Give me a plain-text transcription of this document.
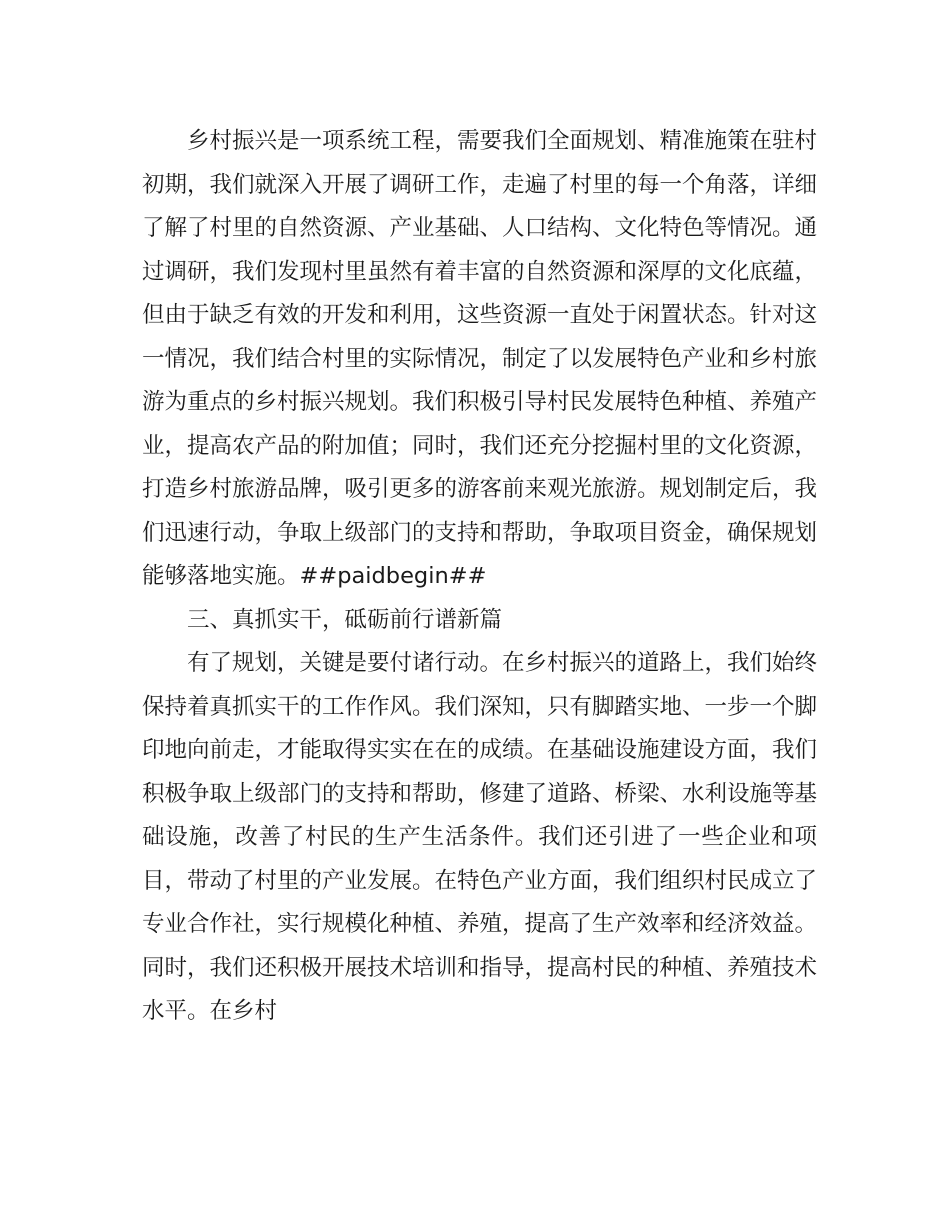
乡村振兴是一项系统工程，需要我们全面规划、精准施策在驻村初期，我们就深入开展了调研工作，走遍了村里的每一个角落，详细了解了村里的自然资源、产业基础、人口结构、文化特色等情况。通过调研，我们发现村里虽然有着丰富的自然资源和深厚的文化底蕴，但由于缺乏有效的开发和利用，这些资源一直处于闲置状态。针对这一情况，我们结合村里的实际情况，制定了以发展特色产业和乡村旅游为重点的乡村振兴规划。我们积极引导村民发展特色种植、养殖产业，提高农产品的附加值；同时，我们还充分挖掘村里的文化资源，打造乡村旅游品牌，吸引更多的游客前来观光旅游。规划制定后，我们迅速行动，争取上级部门的支持和帮助，争取项目资金，确保规划能够落地实施。##paidbegin##

三、真抓实干，砥砺前行谱新篇

有了规划，关键是要付诸行动。在乡村振兴的道路上，我们始终保持着真抓实干的工作作风。我们深知，只有脚踏实地、一步一个脚印地向前走，才能取得实实在在的成绩。在基础设施建设方面，我们积极争取上级部门的支持和帮助，修建了道路、桥梁、水利设施等基础设施，改善了村民的生产生活条件。我们还引进了一些企业和项目，带动了村里的产业发展。在特色产业方面，我们组织村民成立了专业合作社，实行规模化种植、养殖，提高了生产效率和经济效益。同时，我们还积极开展技术培训和指导，提高村民的种植、养殖技术水平。在乡村
